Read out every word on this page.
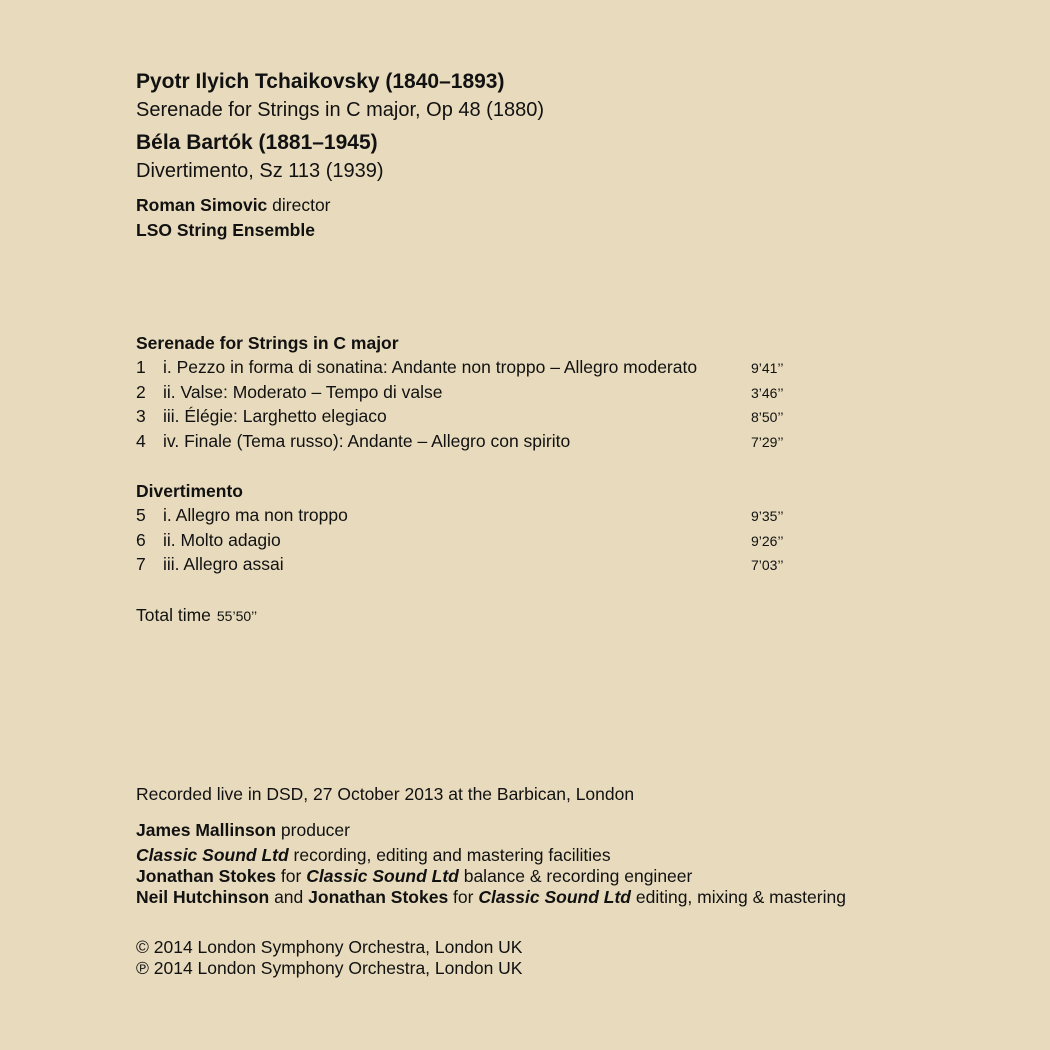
Pyotr Ilyich Tchaikovsky (1840–1893)
Serenade for Strings in C major, Op 48 (1880)
Béla Bartók (1881–1945)
Divertimento, Sz 113 (1939)
Roman Simovic director
LSO String Ensemble
Serenade for Strings in C major
1 i. Pezzo in forma di sonatina: Andante non troppo – Allegro moderato	9’41’’
2 ii. Valse: Moderato – Tempo di valse	3’46’’
3 iii. Élégie: Larghetto elegiaco	8’50’’
4 iv. Finale (Tema russo): Andante – Allegro con spirito	7’29’’
Divertimento
5 i. Allegro ma non troppo	9’35’’
6 ii. Molto adagio	9’26’’
7 iii. Allegro assai	7’03’’
Total time 55’50’’
Recorded live in DSD, 27 October 2013 at the Barbican, London
James Mallinson producer
Classic Sound Ltd recording, editing and mastering facilities
Jonathan Stokes for Classic Sound Ltd balance & recording engineer
Neil Hutchinson and Jonathan Stokes for Classic Sound Ltd editing, mixing & mastering
© 2014 London Symphony Orchestra, London UK
℗ 2014 London Symphony Orchestra, London UK
